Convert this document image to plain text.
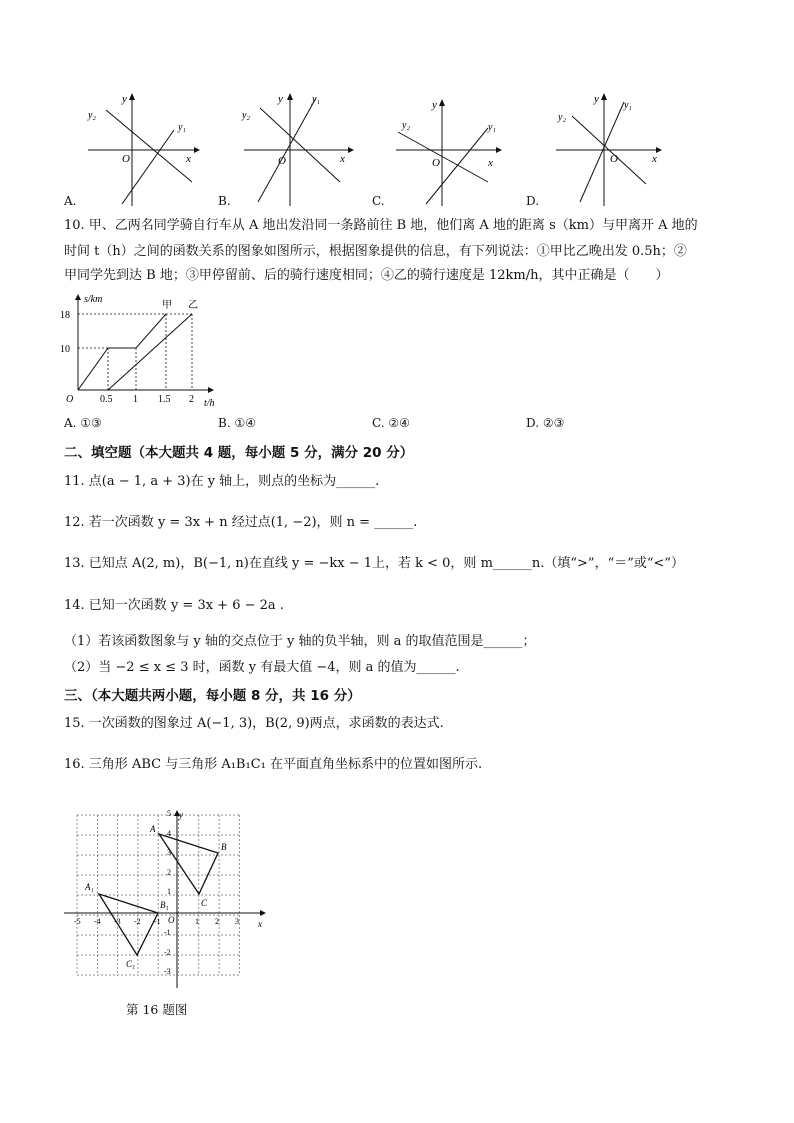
y
y₂
y₁
x
O
A.
y
y₂
y₁
x
O
B.
y
y₂	y₁
x
O
C.
y
y₂
y₁
x
O
D.
10. 甲、乙两名同学骑自行车从 A 地出发沿同一条路前往 B 地，他们离 A 地的距离 s（km）与甲离开 A 地的
时间 t（h）之间的函数关系的图象如图所示，根据图象提供的信息，有下列说法：①甲比乙晚出发 0.5h；②
甲同学先到达 B 地；③甲停留前、后的骑行速度相同；④乙的骑行速度是 12km/h，其中正确是（　　）
s/km
18
10
O	0.5 1 1.5 2 t/h
甲 乙
A. ①③	B. ①④	C. ②④	D. ②③
二、填空题（本大题共 4 题，每小题 5 分，满分 20 分）
11. 点(a − 1, a + 3)在 y 轴上，则点的坐标为______.
12. 若一次函数 y = 3x + n 经过点(1, −2)，则 n = ______.
13. 已知点 A(2, m)，B(−1, n)在直线 y = −kx − 1上，若 k < 0，则 m______n.（填“>”，“＝”或“<”）
14. 已知一次函数 y = 3x + 6 − 2a .
（1）若该函数图象与 y 轴的交点位于 y 轴的负半轴，则 a 的取值范围是______；
（2）当 −2 ≤ x ≤ 3 时，函数 y 有最大值 −4，则 a 的值为______.
三、（本大题共两小题，每小题 8 分，共 16 分）
15. 一次函数的图象过 A(−1, 3)，B(2, 9)两点，求函数的表达式.
16. 三角形 ABC 与三角形 A₁B₁C₁ 在平面直角坐标系中的位置如图所示.
y
x
O
A
B
C
A₁
B₁
C₁
-5 -4 -3 -2 -1	1 2 3
5
4
3
2
1
-1
-2
-3
第 16 题图
